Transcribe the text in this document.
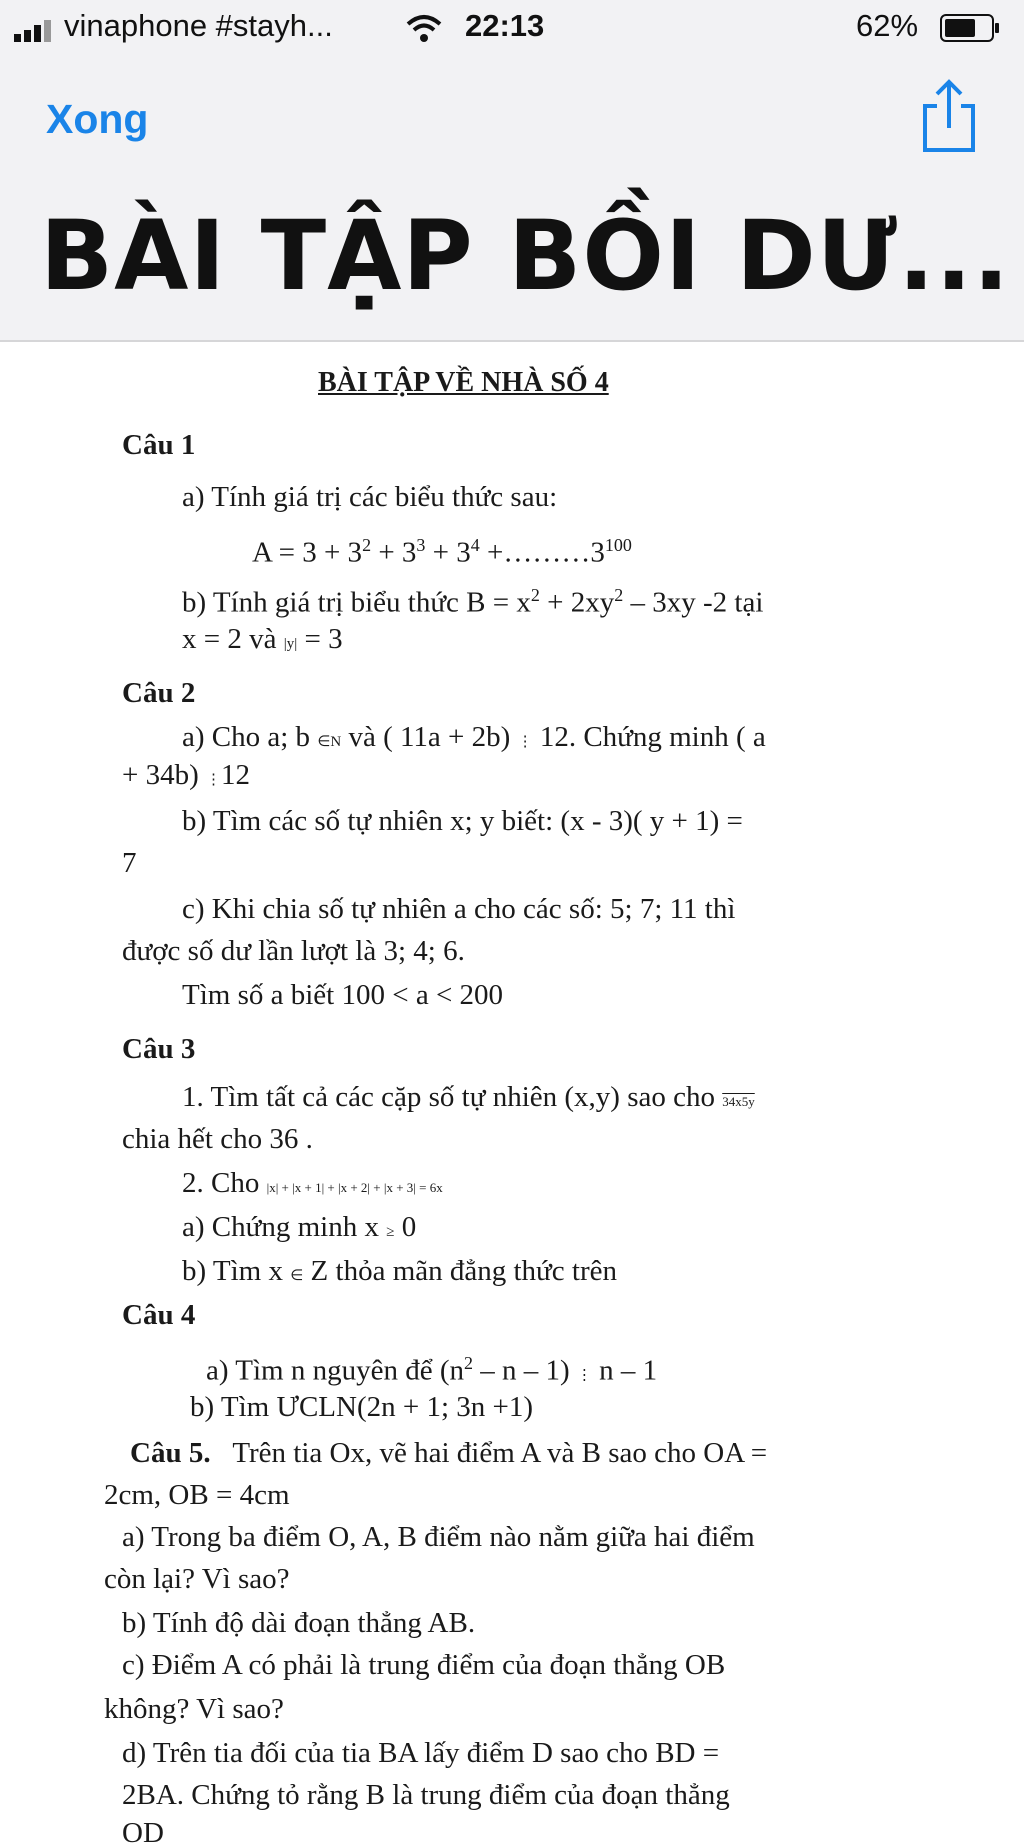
vinaphone #stayh...	22:13	62%
Xong
BÀI TẬP BỒI DƯ...
BÀI TẬP VỀ NHÀ SỐ 4
Câu 1
a) Tính giá trị các biểu thức sau:
$A = 3 + 3^2 + 3^3 + 3^4$ $+\dots\dots\dots 3^{100}$
b) Tính giá trị biểu thức $B = x^2 + 2xy^2 - 3xy$ -2 tại
x = 2 và |y| = 3
Câu 2
a) Cho a; b ∈N và ( 11a + 2b) ⋮ 12. Chứng minh ( a
+ 34b) ⋮12
b) Tìm các số tự nhiên x; y biết: (x - 3)( y + 1) =
7
c) Khi chia số tự nhiên a cho các số: 5; 7; 11 thì
được số dư lần lượt là 3; 4; 6.
Tìm số a biết 100 < a < 200
Câu 3
1. Tìm tất cả các cặp số tự nhiên (x,y) sao cho 34x5y
chia hết cho 36 .
2. Cho |x| + |x + 1| + |x + 2| + |x + 3| = 6x
a) Chứng minh x ≥ 0
b) Tìm x ∈ Z thỏa mãn đẳng thức trên
Câu 4
a) Tìm n nguyên để ($n^2$ – n – 1) ⋮ n – 1
b) Tìm ƯCLN(2n + 1; 3n +1)
Câu 5. Trên tia Ox, vẽ hai điểm A và B sao cho OA =
2cm, OB = 4cm
a) Trong ba điểm O, A, B điểm nào nằm giữa hai điểm
còn lại? Vì sao?
b) Tính độ dài đoạn thẳng AB.
c) Điểm A có phải là trung điểm của đoạn thẳng OB
không? Vì sao?
d) Trên tia đối của tia BA lấy điểm D sao cho BD =
2BA. Chứng tỏ rằng B là trung điểm của đoạn thẳng
OD
